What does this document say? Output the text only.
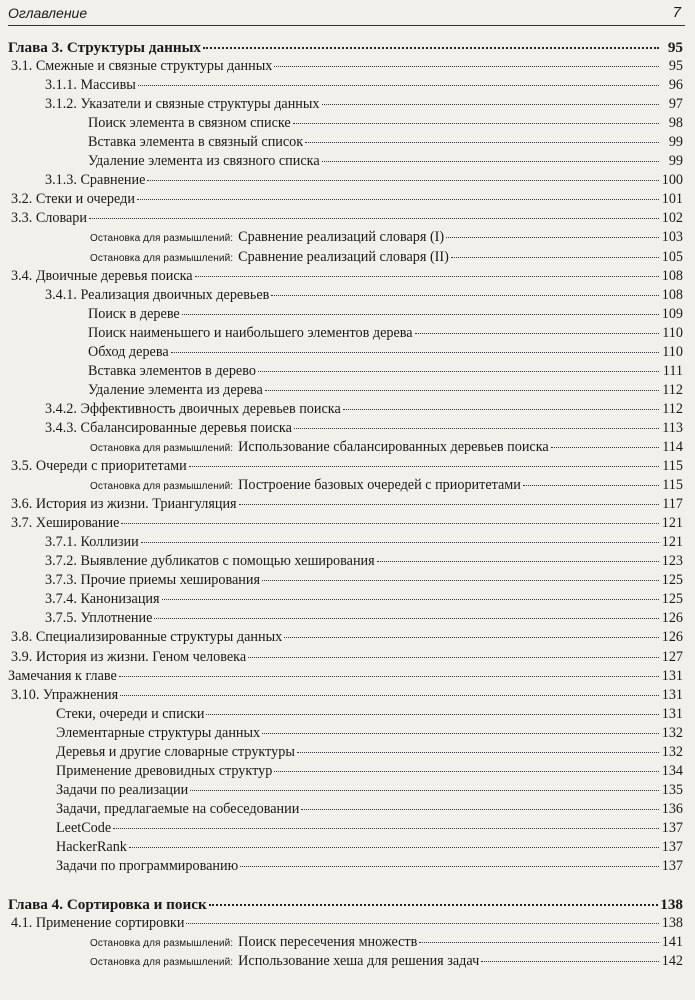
Оглавление	7
Глава 3. Структуры данных	95
3.1. Смежные и связные структуры данных	95
3.1.1. Массивы	96
3.1.2. Указатели и связные структуры данных	97
Поиск элемента в связном списке	98
Вставка элемента в связный список	99
Удаление элемента из связного списка	99
3.1.3. Сравнение	100
3.2. Стеки и очереди	101
3.3. Словари	102
Остановка для размышлений: Сравнение реализаций словаря (I)	103
Остановка для размышлений: Сравнение реализаций словаря (II)	105
3.4. Двоичные деревья поиска	108
3.4.1. Реализация двоичных деревьев	108
Поиск в дереве	109
Поиск наименьшего и наибольшего элементов дерева	110
Обход дерева	110
Вставка элементов в дерево	111
Удаление элемента из дерева	112
3.4.2. Эффективность двоичных деревьев поиска	112
3.4.3. Сбалансированные деревья поиска	113
Остановка для размышлений: Использование сбалансированных деревьев поиска	114
3.5. Очереди с приоритетами	115
Остановка для размышлений: Построение базовых очередей с приоритетами	115
3.6. История из жизни. Триангуляция	117
3.7. Хеширование	121
3.7.1. Коллизии	121
3.7.2. Выявление дубликатов с помощью хеширования	123
3.7.3. Прочие приемы хеширования	125
3.7.4. Канонизация	125
3.7.5. Уплотнение	126
3.8. Специализированные структуры данных	126
3.9. История из жизни. Геном человека	127
Замечания к главе	131
3.10. Упражнения	131
Стеки, очереди и списки	131
Элементарные структуры данных	132
Деревья и другие словарные структуры	132
Применение древовидных структур	134
Задачи по реализации	135
Задачи, предлагаемые на собеседовании	136
LeetCode	137
HackerRank	137
Задачи по программированию	137
Глава 4. Сортировка и поиск	138
4.1. Применение сортировки	138
Остановка для размышлений: Поиск пересечения множеств	141
Остановка для размышлений: Использование хеша для решения задач	142
